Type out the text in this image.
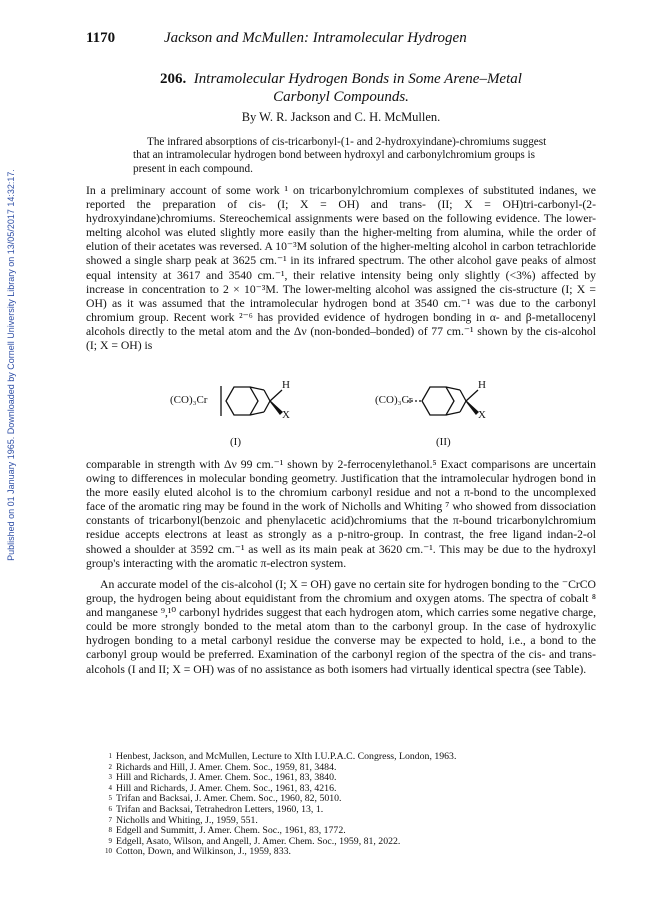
Published on 01 January 1965. Downloaded by Cornell University Library on 13/05/2017 14:32:17.
1170	Jackson and McMullen: Intramolecular Hydrogen
206. Intramolecular Hydrogen Bonds in Some Arene–Metal
Carbonyl Compounds.
By W. R. Jackson and C. H. McMullen.

The infrared absorptions of cis-tricarbonyl-(1- and 2-hydroxyindane)-chromiums suggest that an intramolecular hydrogen bond between hydroxyl and carbonylchromium groups is present in each compound.

In a preliminary account of some work ¹ on tricarbonylchromium complexes of substituted indanes, we reported the preparation of cis- (I; X = OH) and trans- (II; X = OH)tri-carbonyl-(2-hydroxyindane)chromiums. Stereochemical assignments were based on the following evidence. The lower-melting alcohol was eluted slightly more easily than the higher-melting from alumina, while the order of elution of their acetates was reversed. A 10⁻³M solution of the higher-melting alcohol in carbon tetrachloride showed a single sharp peak at 3625 cm.⁻¹ in its infrared spectrum. The other alcohol gave peaks of almost equal intensity at 3617 and 3540 cm.⁻¹, their relative intensity being only slightly (<3%) affected by increase in concentration to 2 × 10⁻³M. The lower-melting alcohol was assigned the cis-structure (I; X = OH) as it was assumed that the intramolecular hydrogen bond at 3540 cm.⁻¹ was due to the carbonyl chromium group. Recent work ²⁻⁶ has provided evidence of hydrogen bonding in α- and β-metallocenyl alcohols directly to the metal atom and the Δν (non-bonded–bonded) of 77 cm.⁻¹ shown by the cis-alcohol (I; X = OH) is

(CO)₃Cr
H
X
(CO)₃Cr
H
X
(I)	(II)

comparable in strength with Δν 99 cm.⁻¹ shown by 2-ferrocenylethanol.⁵ Exact comparisons are uncertain owing to differences in molecular bonding geometry. Justification that the intramolecular hydrogen bond in the more easily eluted alcohol is to the chromium carbonyl residue and not a π-bond to the uncomplexed face of the aromatic ring may be found in the work of Nicholls and Whiting ⁷ who showed from dissociation constants of tricarbonyl(benzoic and phenylacetic acid)chromiums that the π-bound tricarbonylchromium residue accepts electrons at least as strongly as a p-nitro-group. In contrast, the free ligand indan-2-ol showed a shoulder at 3592 cm.⁻¹ as well as its main peak at 3620 cm.⁻¹. This may be due to the hydroxyl group's interacting with the aromatic π-electron system.

An accurate model of the cis-alcohol (I; X = OH) gave no certain site for hydrogen bonding to the ⁻CrCO group, the hydrogen being about equidistant from the chromium and oxygen atoms. The spectra of cobalt ⁸ and manganese ⁹,¹⁰ carbonyl hydrides suggest that each hydrogen atom, which carries some negative charge, could be more strongly bonded to the metal atom than to the carbonyl group. In the case of hydroxylic hydrogen bonding to a metal carbonyl residue the converse may be expected to hold, i.e., a bond to the carbonyl group would be preferred. Examination of the carbonyl region of the spectra of the cis- and trans-alcohols (I and II; X = OH) was of no assistance as both isomers had virtually identical spectra (see Table).

1 Henbest, Jackson, and McMullen, Lecture to XIth I.U.P.A.C. Congress, London, 1963.
2 Richards and Hill, J. Amer. Chem. Soc., 1959, 81, 3484.
3 Hill and Richards, J. Amer. Chem. Soc., 1961, 83, 3840.
4 Hill and Richards, J. Amer. Chem. Soc., 1961, 83, 4216.
5 Trifan and Backsai, J. Amer. Chem. Soc., 1960, 82, 5010.
6 Trifan and Backsai, Tetrahedron Letters, 1960, 13, 1.
7 Nicholls and Whiting, J., 1959, 551.
8 Edgell and Summitt, J. Amer. Chem. Soc., 1961, 83, 1772.
9 Edgell, Asato, Wilson, and Angell, J. Amer. Chem. Soc., 1959, 81, 2022.
10 Cotton, Down, and Wilkinson, J., 1959, 833.
